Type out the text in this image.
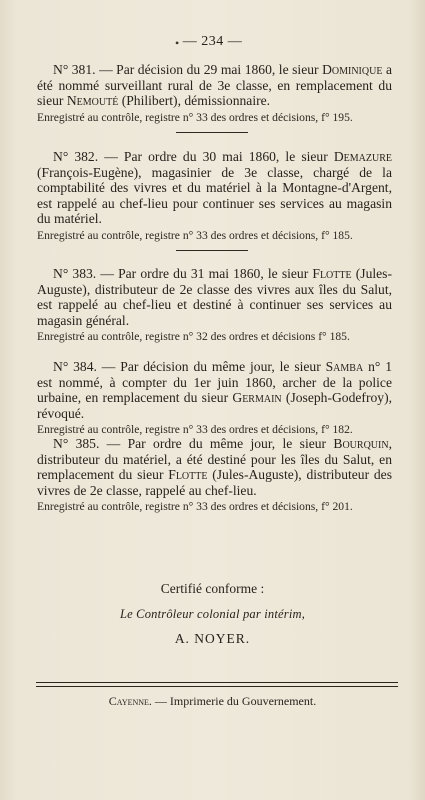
• — 234 —

N° 381. — Par décision du 29 mai 1860, le sieur Dominique a été nommé surveillant rural de 3e classe, en remplacement du sieur Nemouté (Philibert), démissionnaire.

Enregistré au contrôle, registre n° 33 des ordres et décisions, f° 195.

N° 382. — Par ordre du 30 mai 1860, le sieur Demazure (François-Eugène), magasinier de 3e classe, chargé de la comptabilité des vivres et du matériel à la Montagne-d'Argent, est rappelé au chef-lieu pour continuer ses services au magasin du matériel.

Enregistré au contrôle, registre n° 33 des ordres et décisions, f° 185.

N° 383. — Par ordre du 31 mai 1860, le sieur Flotte (Jules-Auguste), distributeur de 2e classe des vivres aux îles du Salut, est rappelé au chef-lieu et destiné à continuer ses services au magasin général.

Enregistré au contrôle, registre n° 32 des ordres et décisions f° 185.

N° 384. — Par décision du même jour, le sieur Samba n° 1 est nommé, à compter du 1er juin 1860, archer de la police urbaine, en remplacement du sieur Germain (Joseph-Godefroy), révoqué.

Enregistré au contrôle, registre n° 33 des ordres et décisions, f° 182.

N° 385. — Par ordre du même jour, le sieur Bourquin, distributeur du matériel, a été destiné pour les îles du Salut, en remplacement du sieur Flotte (Jules-Auguste), distributeur des vivres de 2e classe, rappelé au chef-lieu.

Enregistré au contrôle, registre n° 33 des ordres et décisions, f° 201.

Certifié conforme :
Le Contrôleur colonial par intérim,
A. NOYER.
Cayenne. — Imprimerie du Gouvernement.
